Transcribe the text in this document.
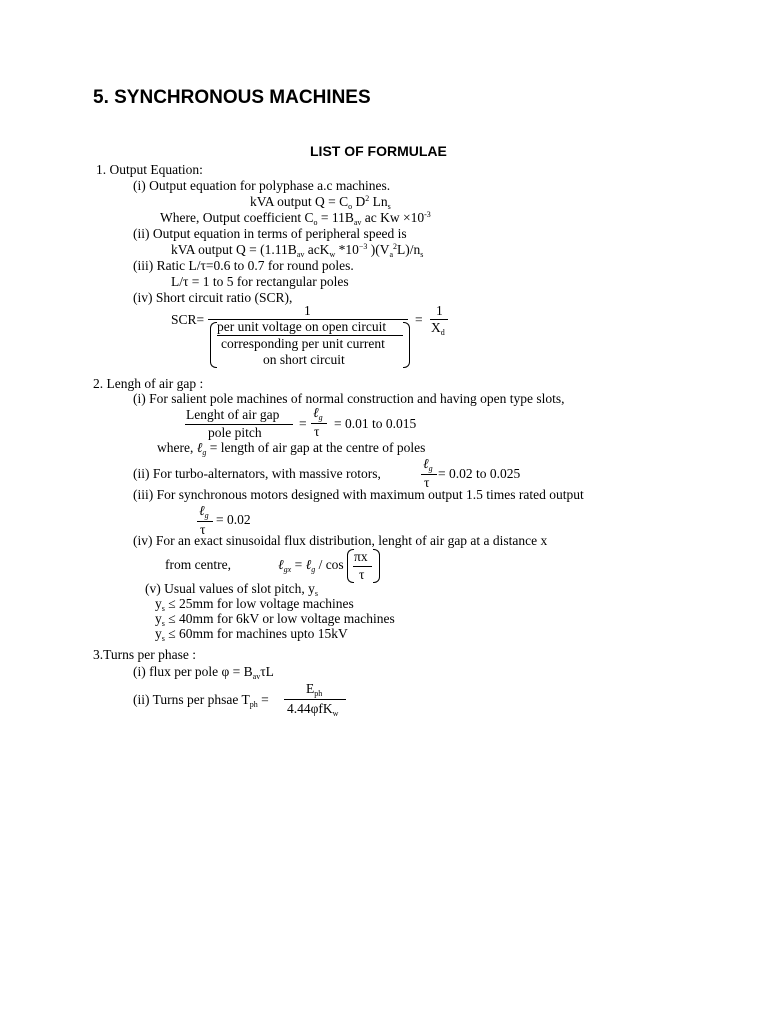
5. SYNCHRONOUS MACHINES
LIST OF FORMULAE
1. Output Equation:
(i) Output equation for polyphase a.c machines.
kVA output $Q = C_o$ $D^2$ $Ln_s$
Where, Output coefficient $C_o = 11B_{av}$ ac $Kw \times 10^{-3}$
(ii) Output equation in terms of peripheral speed is
kVA output $Q = (1.11B_{av}$ acK$_w$ $*10^{-3}$ )$(V_a^2L)/n_s$
(iii) Ratic L/τ=0.6 to 0.7 for round poles.
L/τ = 1 to 5 for rectangular poles
(iv) Short circuit ratio (SCR),
SCR=
1
per unit voltage on open circuit
corresponding per unit current
on short circuit
=
1
$X_d$
2. Lengh of air gap :
(i) For salient pole machines of normal construction and having open type slots,
Lenght of air gap
pole pitch
=
ℓ$_g$
τ
= 0.01 to 0.015
where, ℓ$_g$ = length of air gap at the centre of poles
(ii) For turbo-alternators, with massive rotors,
ℓ$_g$
τ
= 0.02 to 0.025
(iii) For synchronous motors designed with maximum output 1.5 times rated output
ℓ$_g$
τ
= 0.02
(iv) For an exact sinusoidal flux distribution, lenght of air gap at a distance x
from centre,	ℓ$_{gx}$ = ℓ$_g$ / cos
πx
τ
(v) Usual values of slot pitch, $y_s$
$y_s \le 25mm$ for low voltage machines
$y_s \le 40mm$ for 6kV or low voltage machines
$y_s \le 60mm$ for machines upto 15kV
3.Turns per phase :
(i) flux per pole $\varphi = B_{av}\tau L$
(ii) Turns per phsae $T_{ph}$ =
$E_{ph}$
4.44φfK$_w$
